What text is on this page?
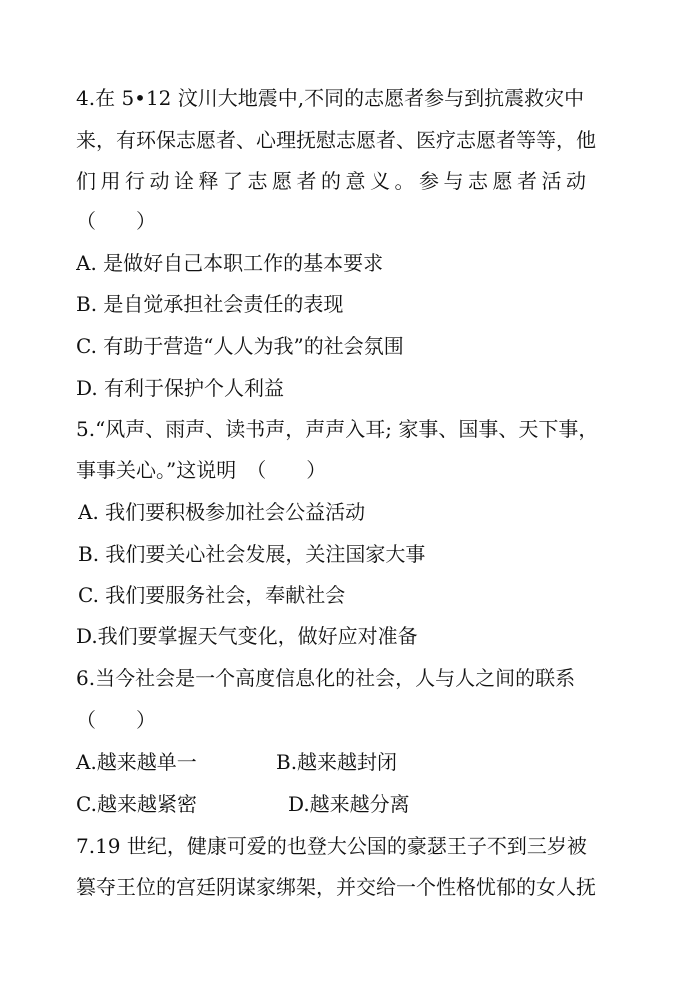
4.在 5•12 汶川大地震中,不同的志愿者参与到抗震救灾中
来，有环保志愿者、心理抚慰志愿者、医疗志愿者等等，他
们用行动诠释了志愿者的意义。参与志愿者活动
（　　）
A. 是做好自己本职工作的基本要求
B. 是自觉承担社会责任的表现
C. 有助于营造“人人为我”的社会氛围
D. 有利于保护个人利益
5.“风声、雨声、读书声，声声入耳; 家事、国事、天下事，
事事关心。”这说明　（　　）
A. 我们要积极参加社会公益活动
B. 我们要关心社会发展，关注国家大事
C. 我们要服务社会，奉献社会
D.我们要掌握天气变化，做好应对准备
6.当今社会是一个高度信息化的社会，人与人之间的联系
（　　）
A.越来越单一	B.越来越封闭
C.越来越紧密	D.越来越分离
7.19 世纪，健康可爱的也登大公国的豪瑟王子不到三岁被
篡夺王位的宫廷阴谋家绑架，并交给一个性格忧郁的女人抚
